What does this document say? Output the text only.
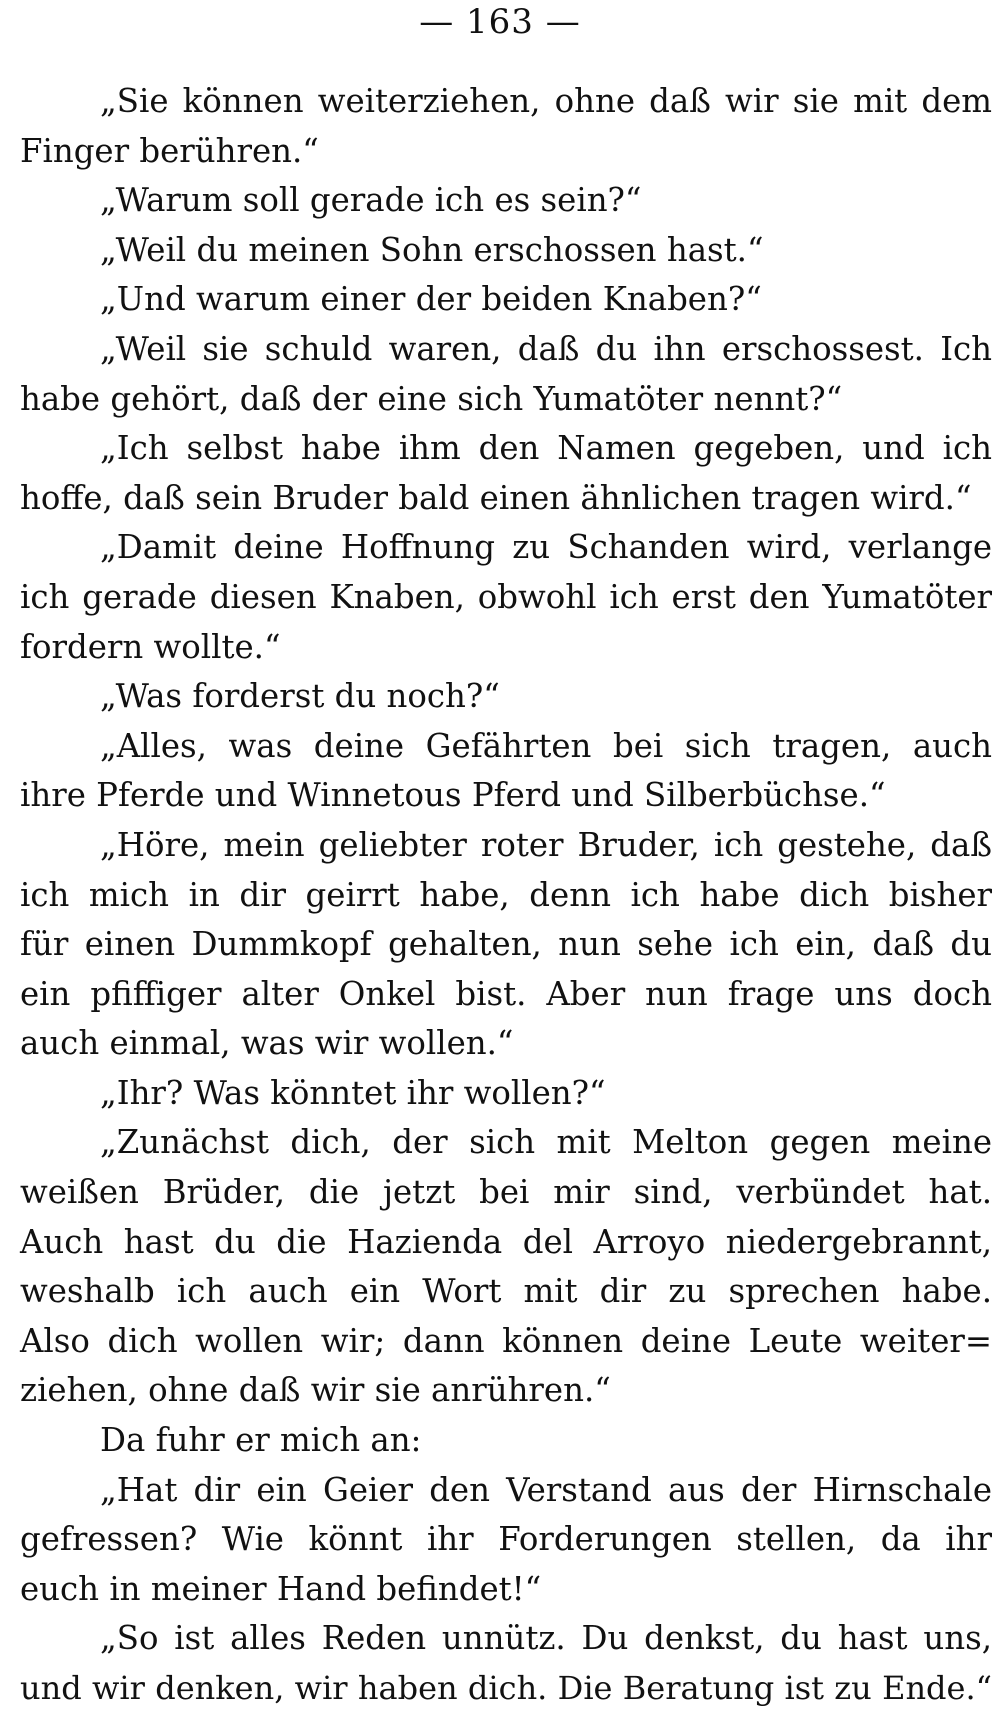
— 163 —
„Sie können weiterziehen, ohne daß wir sie mit dem
Finger berühren.“
„Warum soll gerade ich es sein?“
„Weil du meinen Sohn erschossen hast.“
„Und warum einer der beiden Knaben?“
„Weil sie schuld waren, daß du ihn erschossest. Ich
habe gehört, daß der eine sich Yumatöter nennt?“
„Ich selbst habe ihm den Namen gegeben, und ich
hoffe, daß sein Bruder bald einen ähnlichen tragen wird.“
„Damit deine Hoffnung zu Schanden wird, verlange
ich gerade diesen Knaben, obwohl ich erst den Yumatöter
fordern wollte.“
„Was forderst du noch?“
„Alles, was deine Gefährten bei sich tragen, auch
ihre Pferde und Winnetous Pferd und Silberbüchse.“
„Höre, mein geliebter roter Bruder, ich gestehe, daß
ich mich in dir geirrt habe, denn ich habe dich bisher
für einen Dummkopf gehalten, nun sehe ich ein, daß du
ein pfiffiger alter Onkel bist. Aber nun frage uns doch
auch einmal, was wir wollen.“
„Ihr? Was könntet ihr wollen?“
„Zunächst dich, der sich mit Melton gegen meine
weißen Brüder, die jetzt bei mir sind, verbündet hat.
Auch hast du die Hazienda del Arroyo niedergebrannt,
weshalb ich auch ein Wort mit dir zu sprechen habe.
Also dich wollen wir; dann können deine Leute weiter=
ziehen, ohne daß wir sie anrühren.“
Da fuhr er mich an:
„Hat dir ein Geier den Verstand aus der Hirnschale
gefressen? Wie könnt ihr Forderungen stellen, da ihr
euch in meiner Hand befindet!“
„So ist alles Reden unnütz. Du denkst, du hast uns,
und wir denken, wir haben dich. Die Beratung ist zu Ende.“
